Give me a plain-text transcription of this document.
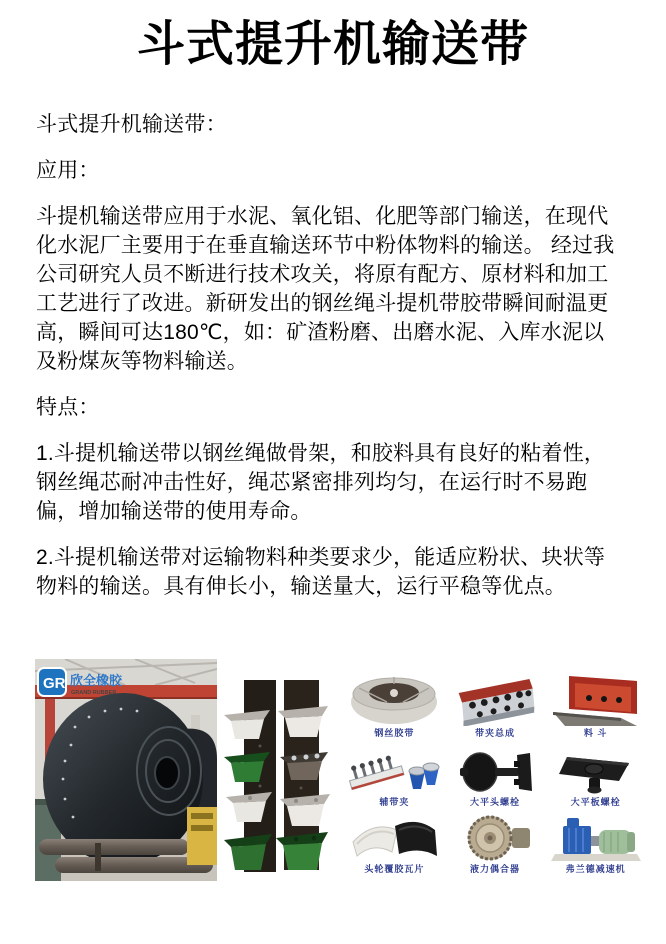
斗式提升机输送带

斗式提升机输送带：

应用：

斗提机输送带应用于水泥、氧化铝、化肥等部门输送，在现代化水泥厂主要用于在垂直输送环节中粉体物料的输送。 经过我公司研究人员不断进行技术攻关，将原有配方、原材料和加工工艺进行了改进。新研发出的钢丝绳斗提机带胶带瞬间耐温更高，瞬间可达180℃，如：矿渣粉磨、出磨水泥、入库水泥以及粉煤灰等物料输送。

特点：

1.斗提机输送带以钢丝绳做骨架，和胶料具有良好的粘着性，钢丝绳芯耐冲击性好，绳芯紧密排列均匀，在运行时不易跑偏，增加输送带的使用寿命。

2.斗提机输送带对运输物料种类要求少，能适应粉状、块状等物料的输送。具有伸长小，输送量大，运行平稳等优点。

GR 欣全橡胶
GRAND RUBBER
钢丝胶带	带夹总成	料 斗
辅带夹	大平头螺栓	大平板螺栓
头轮覆胶瓦片	液力偶合器	弗兰德减速机
